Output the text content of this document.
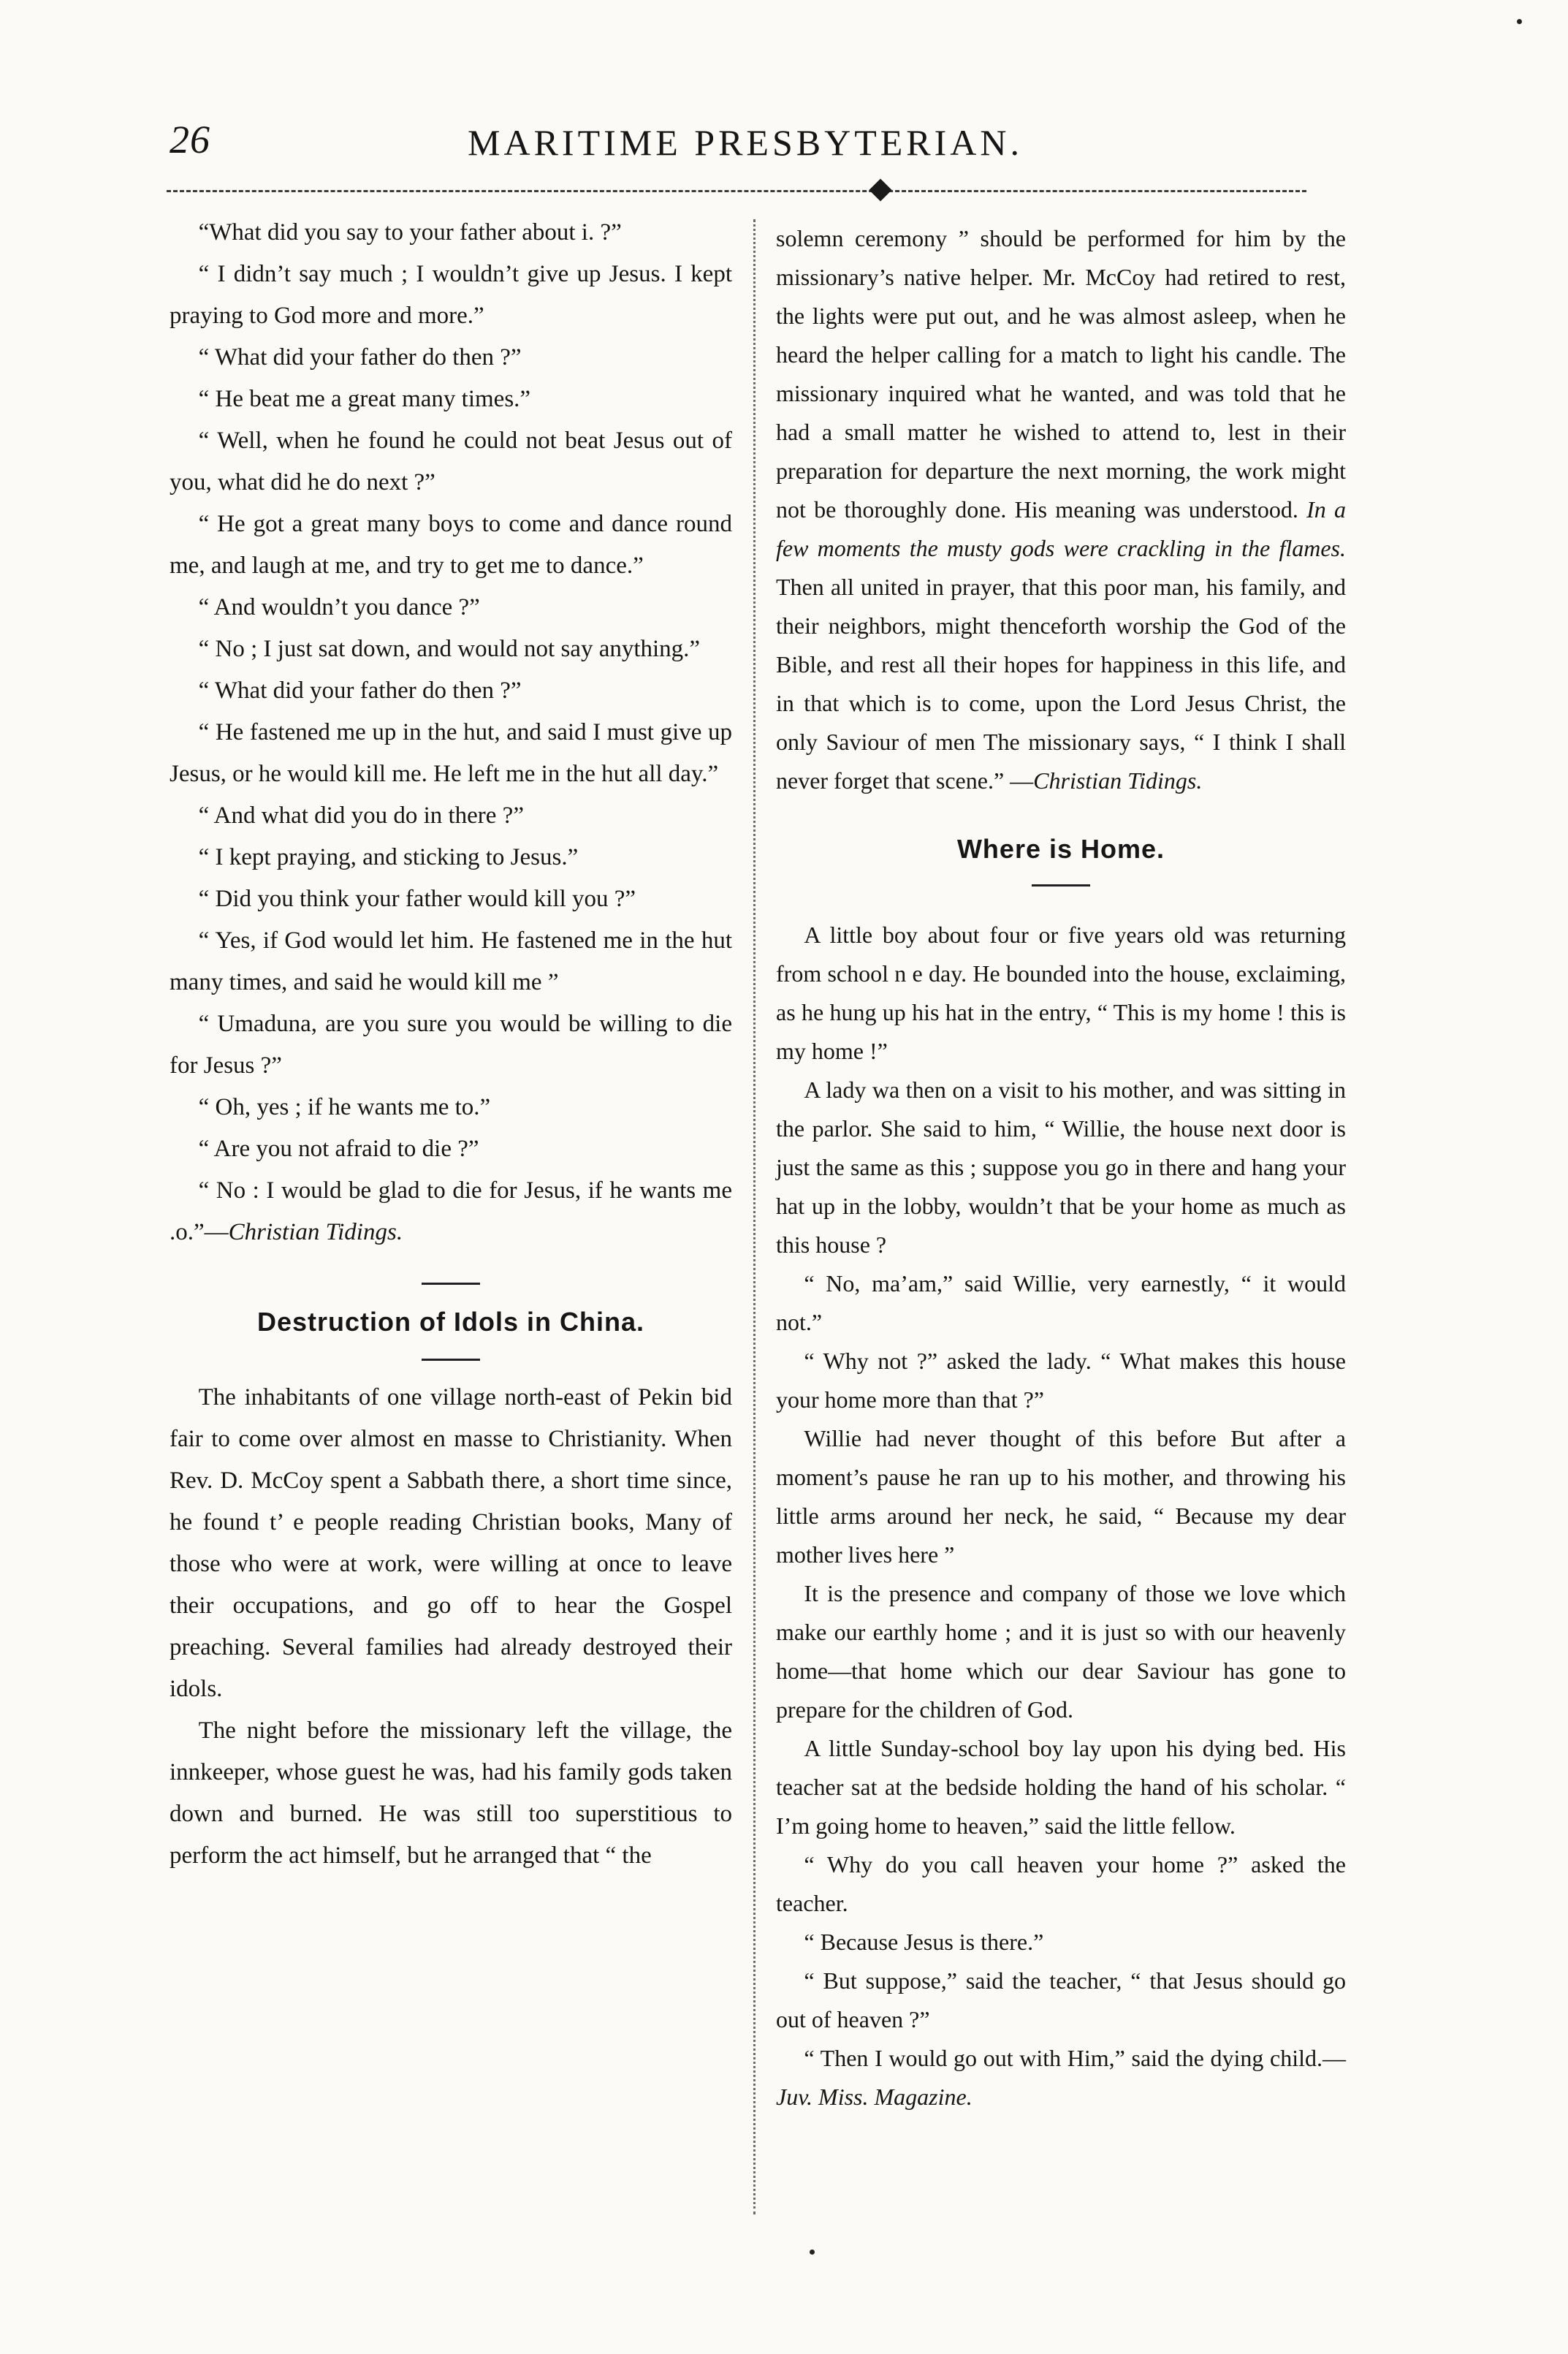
26	MARITIME PRESBYTERIAN.

“What did you say to your father about i. ?”

“ I didn’t say much ; I wouldn’t give up Jesus. I kept praying to God more and more.”

“ What did your father do then ?”

“ He beat me a great many times.”

“ Well, when he found he could not beat Jesus out of you, what did he do next ?”

“ He got a great many boys to come and dance round me, and laugh at me, and try to get me to dance.”

“ And wouldn’t you dance ?”

“ No ; I just sat down, and would not say anything.”

“ What did your father do then ?”

“ He fastened me up in the hut, and said I must give up Jesus, or he would kill me. He left me in the hut all day.”

“ And what did you do in there ?”

“ I kept praying, and sticking to Jesus.”

“ Did you think your father would kill you ?”

“ Yes, if God would let him. He fastened me in the hut many times, and said he would kill me ”

“ Umaduna, are you sure you would be willing to die for Jesus ?”

“ Oh, yes ; if he wants me to.”

“ Are you not afraid to die ?”

“ No : I would be glad to die for Jesus, if he wants me .o.”—Christian Tidings.

Destruction of Idols in China.

The inhabitants of one village north-east of Pekin bid fair to come over almost en masse to Christianity. When Rev. D. McCoy spent a Sabbath there, a short time since, he found t’ e people reading Christian books, Many of those who were at work, were willing at once to leave their occupations, and go off to hear the Gospel preaching. Several families had already destroyed their idols.

The night before the missionary left the village, the innkeeper, whose guest he was, had his family gods taken down and burned. He was still too superstitious to perform the act himself, but he arranged that “ the

solemn ceremony ” should be performed for him by the missionary’s native helper. Mr. McCoy had retired to rest, the lights were put out, and he was almost asleep, when he heard the helper calling for a match to light his candle. The missionary inquired what he wanted, and was told that he had a small matter he wished to attend to, lest in their preparation for departure the next morning, the work might not be thoroughly done. His meaning was understood. In a few moments the musty gods were crackling in the flames. Then all united in prayer, that this poor man, his family, and their neighbors, might thenceforth worship the God of the Bible, and rest all their hopes for happiness in this life, and in that which is to come, upon the Lord Jesus Christ, the only Saviour of men The missionary says, “ I think I shall never forget that scene.” —Christian Tidings.

Where is Home.

A little boy about four or five years old was returning from school n e day. He bounded into the house, exclaiming, as he hung up his hat in the entry, “ This is my home ! this is my home !”

A lady wa then on a visit to his mother, and was sitting in the parlor. She said to him, “ Willie, the house next door is just the same as this ; suppose you go in there and hang your hat up in the lobby, wouldn’t that be your home as much as this house ?

“ No, ma’am,” said Willie, very earnestly, “ it would not.”

“ Why not ?” asked the lady. “ What makes this house your home more than that ?”

Willie had never thought of this before But after a moment’s pause he ran up to his mother, and throwing his little arms around her neck, he said, “ Because my dear mother lives here ”

It is the presence and company of those we love which make our earthly home ; and it is just so with our heavenly home—that home which our dear Saviour has gone to prepare for the children of God.

A little Sunday-school boy lay upon his dying bed. His teacher sat at the bedside holding the hand of his scholar. “ I’m going home to heaven,” said the little fellow.

“ Why do you call heaven your home ?” asked the teacher.

“ Because Jesus is there.”

“ But suppose,” said the teacher, “ that Jesus should go out of heaven ?”

“ Then I would go out with Him,” said the dying child.—Juv. Miss. Magazine.
